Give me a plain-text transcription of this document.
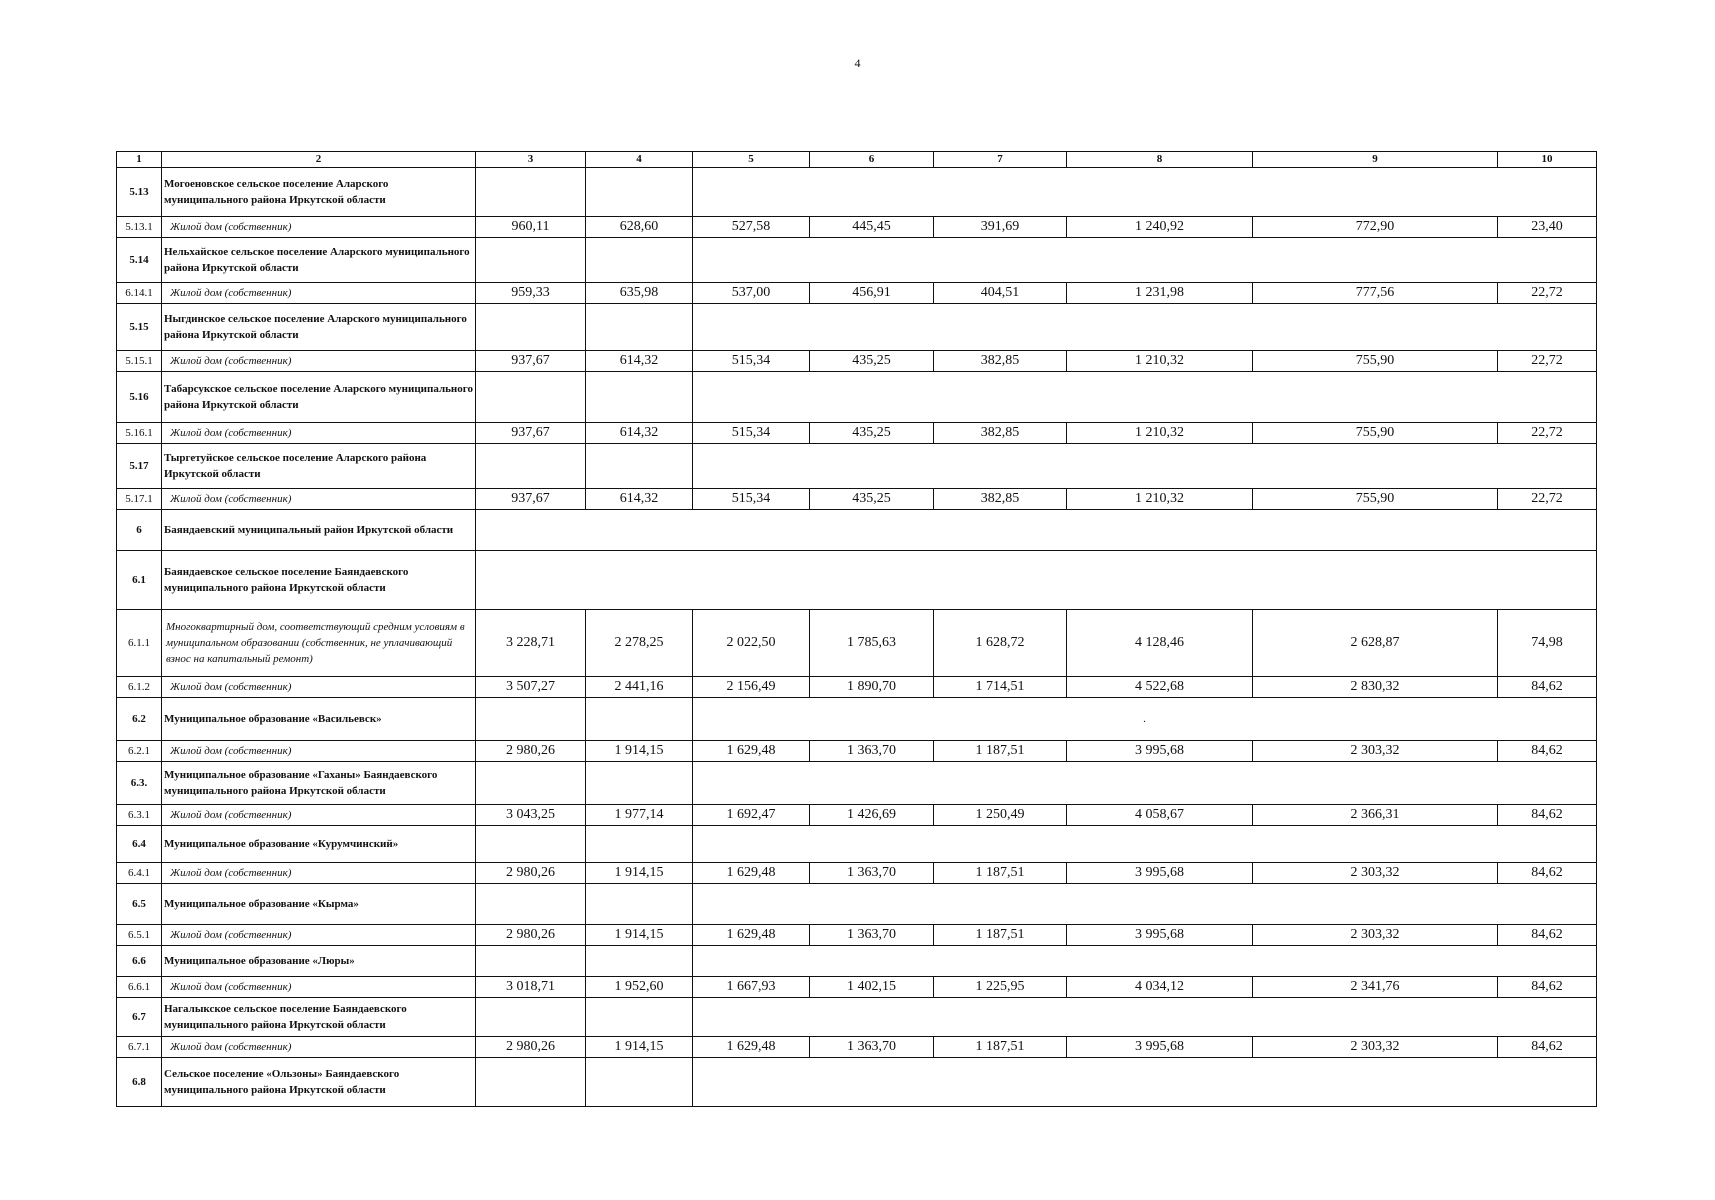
4
1	2	3	4	5	6	7	8	9	10	
5.13	Могоеновское сельское поселение Аларского муниципального района Иркутской области									
5.13.1	Жилой дом (собственник)	960,11	628,60	527,58	445,45	391,69	1 240,92	772,90	23,40	
5.14	Нельхайское сельское поселение Аларского муниципального района Иркутской области									
6.14.1	Жилой дом (собственник)	959,33	635,98	537,00	456,91	404,51	1 231,98	777,56	22,72	
5.15	Ныгдинское сельское поселение Аларского муниципального района Иркутской области									
5.15.1	Жилой дом (собственник)	937,67	614,32	515,34	435,25	382,85	1 210,32	755,90	22,72	
5.16	Табарсукское сельское поселение Аларского муниципального района Иркутской области									
5.16.1	Жилой дом (собственник)	937,67	614,32	515,34	435,25	382,85	1 210,32	755,90	22,72	
5.17	Тыргетуйское сельское поселение Аларского района Иркутской области									
5.17.1	Жилой дом (собственник)	937,67	614,32	515,34	435,25	382,85	1 210,32	755,90	22,72	
6	Баяндаевский муниципальный район Иркутской области									
6.1	Баяндаевское сельское поселение Баяндаевского муниципального района Иркутской области									
6.1.1	Многоквартирный дом, соответствующий средним условиям в муниципальном образовании (собственник, не уплачивающий взнос на капитальный ремонт)	3 228,71	2 278,25	2 022,50	1 785,63	1 628,72	4 128,46	2 628,87	74,98	
6.1.2	Жилой дом (собственник)	3 507,27	2 441,16	2 156,49	1 890,70	1 714,51	4 522,68	2 830,32	84,62	
6.2	Муниципальное образование «Васильевск»			.						
6.2.1	Жилой дом (собственник)	2 980,26	1 914,15	1 629,48	1 363,70	1 187,51	3 995,68	2 303,32	84,62	
6.3.	Муниципальное образование «Гаханы» Баяндаевского муниципального района Иркутской области									
6.3.1	Жилой дом (собственник)	3 043,25	1 977,14	1 692,47	1 426,69	1 250,49	4 058,67	2 366,31	84,62	
6.4	Муниципальное образование «Курумчинский»									
6.4.1	Жилой дом (собственник)	2 980,26	1 914,15	1 629,48	1 363,70	1 187,51	3 995,68	2 303,32	84,62	
6.5	Муниципальное образование «Кырма»									
6.5.1	Жилой дом (собственник)	2 980,26	1 914,15	1 629,48	1 363,70	1 187,51	3 995,68	2 303,32	84,62	
6.6	Муниципальное образование «Люры»									
6.6.1	Жилой дом (собственник)	3 018,71	1 952,60	1 667,93	1 402,15	1 225,95	4 034,12	2 341,76	84,62	
6.7	Нагалыкское сельское поселение Баяндаевского муниципального района Иркутской области									
6.7.1	Жилой дом (собственник)	2 980,26	1 914,15	1 629,48	1 363,70	1 187,51	3 995,68	2 303,32	84,62	
6.8	Сельское поселение «Ользоны» Баяндаевского муниципального района Иркутской области									
